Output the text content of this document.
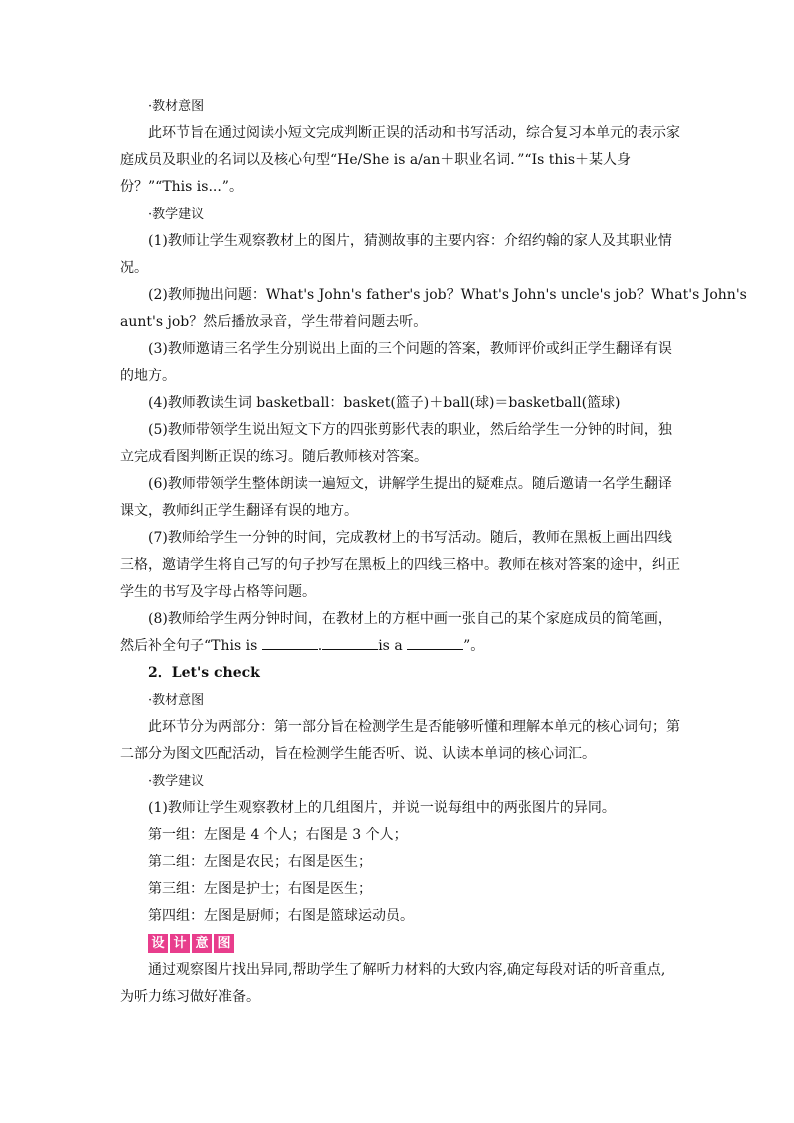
·教材意图
此环节旨在通过阅读小短文完成判断正误的活动和书写活动，综合复习本单元的表示家
庭成员及职业的名词以及核心句型“He/She is a/an＋职业名词．”“Is this＋某人身
份？”“This is...”。
·教学建议
(1)教师让学生观察教材上的图片，猜测故事的主要内容：介绍约翰的家人及其职业情
况。
(2)教师抛出问题：What's John's father's job？What's John's uncle's job？What's John's
aunt's job？然后播放录音，学生带着问题去听。
(3)教师邀请三名学生分别说出上面的三个问题的答案，教师评价或纠正学生翻译有误
的地方。
(4)教师教读生词 basketball：basket(篮子)＋ball(球)＝basketball(篮球)
(5)教师带领学生说出短文下方的四张剪影代表的职业，然后给学生一分钟的时间，独
立完成看图判断正误的练习。随后教师核对答案。
(6)教师带领学生整体朗读一遍短文，讲解学生提出的疑难点。随后邀请一名学生翻译
课文，教师纠正学生翻译有误的地方。
(7)教师给学生一分钟的时间，完成教材上的书写活动。随后，教师在黑板上画出四线
三格，邀请学生将自己写的句子抄写在黑板上的四线三格中。教师在核对答案的途中，纠正
学生的书写及字母占格等问题。
(8)教师给学生两分钟时间，在教材上的方框中画一张自己的某个家庭成员的简笔画，
然后补全句子“This is	.	is a	”。
2．Let's check
·教材意图
此环节分为两部分：第一部分旨在检测学生是否能够听懂和理解本单元的核心词句；第
二部分为图文匹配活动，旨在检测学生能否听、说、认读本单词的核心词汇。
·教学建议
(1)教师让学生观察教材上的几组图片，并说一说每组中的两张图片的异同。
第一组：左图是 4 个人；右图是 3 个人；
第二组：左图是农民；右图是医生；
第三组：左图是护士；右图是医生；
第四组：左图是厨师；右图是篮球运动员。
设 计 意 图
通过观察图片找出异同,帮助学生了解听力材料的大致内容,确定每段对话的听音重点,
为听力练习做好准备。
